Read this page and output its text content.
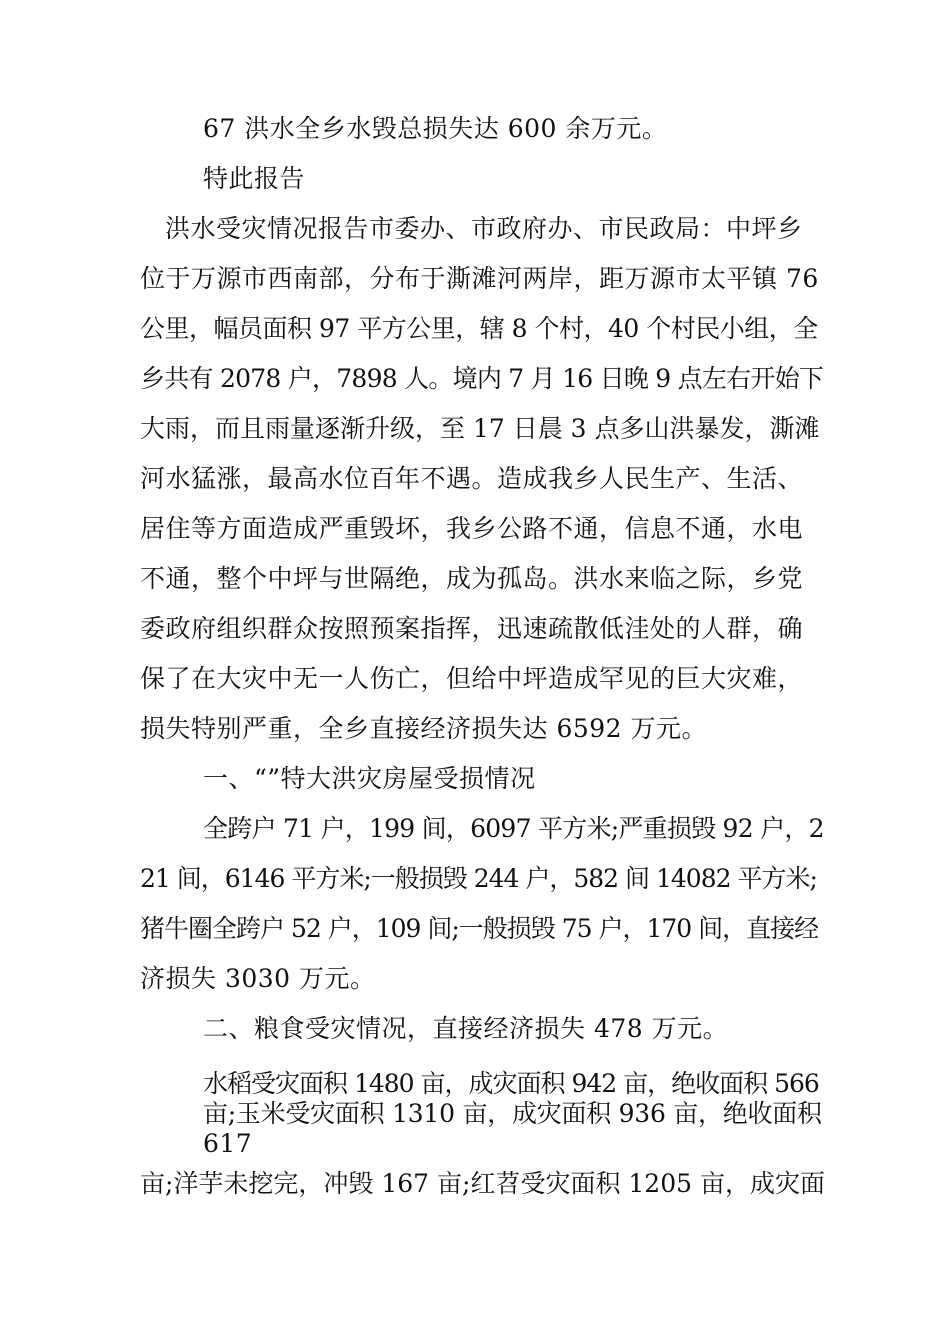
67 洪水全乡水毁总损失达 600 余万元。
特此报告
洪水受灾情况报告市委办、市政府办、市民政局：中坪乡
位于万源市西南部，分布于澌滩河两岸，距万源市太平镇 76
公里，幅员面积 97 平方公里，辖 8 个村，40 个村民小组，全
乡共有 2078 户，7898 人。境内 7 月 16 日晚 9 点左右开始下
大雨，而且雨量逐渐升级，至 17 日晨 3 点多山洪暴发，澌滩
河水猛涨，最高水位百年不遇。造成我乡人民生产、生活、
居住等方面造成严重毁坏，我乡公路不通，信息不通，水电
不通，整个中坪与世隔绝，成为孤岛。洪水来临之际，乡党
委政府组织群众按照预案指挥，迅速疏散低洼处的人群，确
保了在大灾中无一人伤亡，但给中坪造成罕见的巨大灾难，
损失特别严重，全乡直接经济损失达 6592 万元。
一、“”特大洪灾房屋受损情况
全跨户 71 户，199 间，6097 平方米;严重损毁 92 户，2
21 间，6146 平方米;一般损毁 244 户，582 间 14082 平方米;
猪牛圈全跨户 52 户，109 间;一般损毁 75 户，170 间，直接经
济损失 3030 万元。
二、粮食受灾情况，直接经济损失 478 万元。
水稻受灾面积 1480 亩，成灾面积 942 亩，绝收面积 566
亩;玉米受灾面积 1310 亩，成灾面积 936 亩，绝收面积
617
亩;洋芋未挖完，冲毁 167 亩;红苕受灾面积 1205 亩，成灾面
